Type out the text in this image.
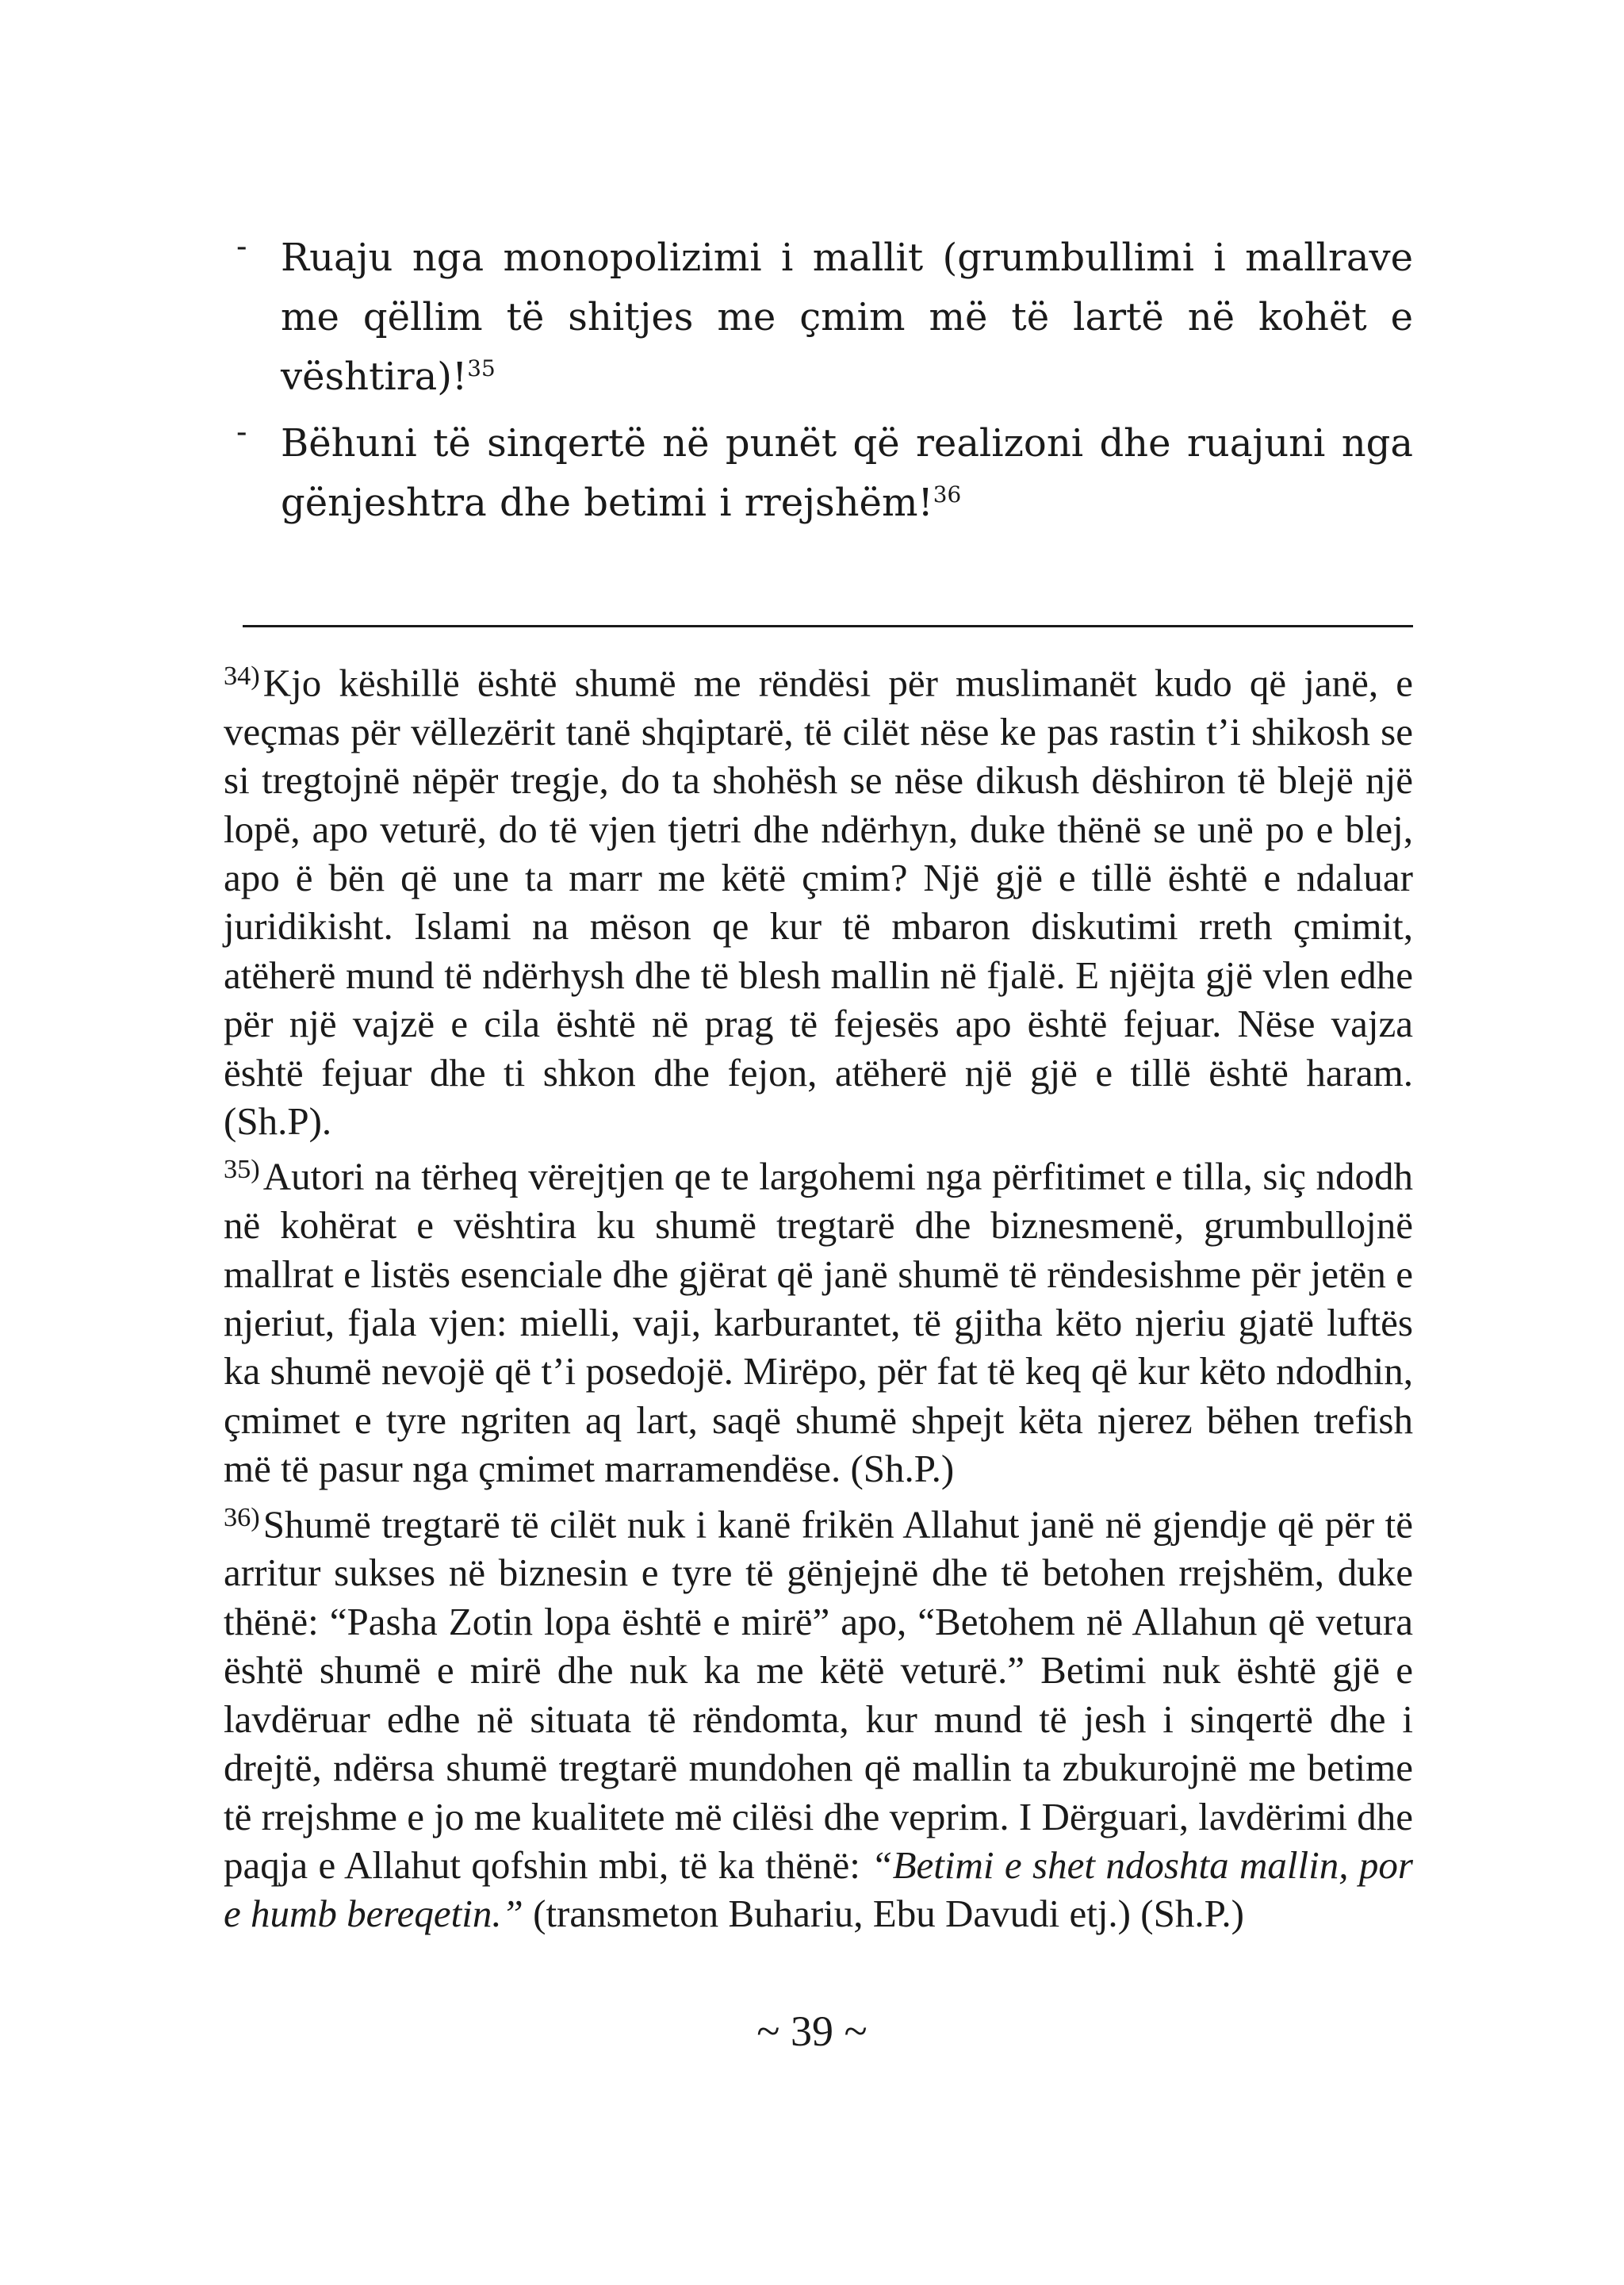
- Ruaju nga monopolizimi i mallit (grumbullimi i mallrave me qëllim të shitjes me çmim më të lartë në kohët e vështira)!$^{35}$

- Bëhuni të sinqertë në punët që realizoni dhe ruajuni nga gënjeshtra dhe betimi i rrejshëm!$^{36}$

$^{34)}$Kjo këshillë është shumë me rëndësi për muslimanët kudo që janë, e veçmas për vëllezërit tanë shqiptarë, të cilët nëse ke pas rastin t’i shikosh se si tregtojnë nëpër tregje, do ta shohësh se nëse dikush dëshiron të blejë një lopë, apo veturë, do të vjen tjetri dhe ndërhyn, duke thënë se unë po e blej, apo ë bën që une ta marr me këtë çmim? Një gjë e tillë është e ndaluar juridikisht. Islami na mëson qe kur të mbaron diskutimi rreth çmimit, atëherë mund të ndërhysh dhe të blesh mallin në fjalë. E njëjta gjë vlen edhe për një vajzë e cila është në prag të fejesës apo është fejuar. Nëse vajza është fejuar dhe ti shkon dhe fejon, atëherë një gjë e tillë është haram. (Sh.P).

$^{35)}$Autori na tërheq vërejtjen qe te largohemi nga përfitimet e tilla, siç ndodh në kohërat e vështira ku shumë tregtarë dhe biznesmenë, grumbullojnë mallrat e listës esenciale dhe gjërat që janë shumë të rëndesishme për jetën e njeriut, fjala vjen: mielli, vaji, karburantet, të gjitha këto njeriu gjatë luftës ka shumë nevojë që t’i posedojë. Mirëpo, për fat të keq që kur këto ndodhin, çmimet e tyre ngriten aq lart, saqë shumë shpejt këta njerez bëhen trefish më të pasur nga çmimet marramendëse. (Sh.P.)

$^{36)}$Shumë tregtarë të cilët nuk i kanë frikën Allahut janë në gjendje që për të arritur sukses në biznesin e tyre të gënjejnë dhe të betohen rrejshëm, duke thënë: “Pasha Zotin lopa është e mirë” apo, “Betohem në Allahun që vetura është shumë e mirë dhe nuk ka me këtë veturë.” Betimi nuk është gjë e lavdëruar edhe në situata të rëndomta, kur mund të jesh i sinqertë dhe i drejtë, ndërsa shumë tregtarë mundohen që mallin ta zbukurojnë me betime të rrejshme e jo me kualitete më cilësi dhe veprim. I Dërguari, lavdërimi dhe paqja e Allahut qofshin mbi, të ka thënë: “Betimi e shet ndoshta mallin, por e humb bereqetin.” (transmeton Buhariu, Ebu Davudi etj.) (Sh.P.)

~ 39 ~
